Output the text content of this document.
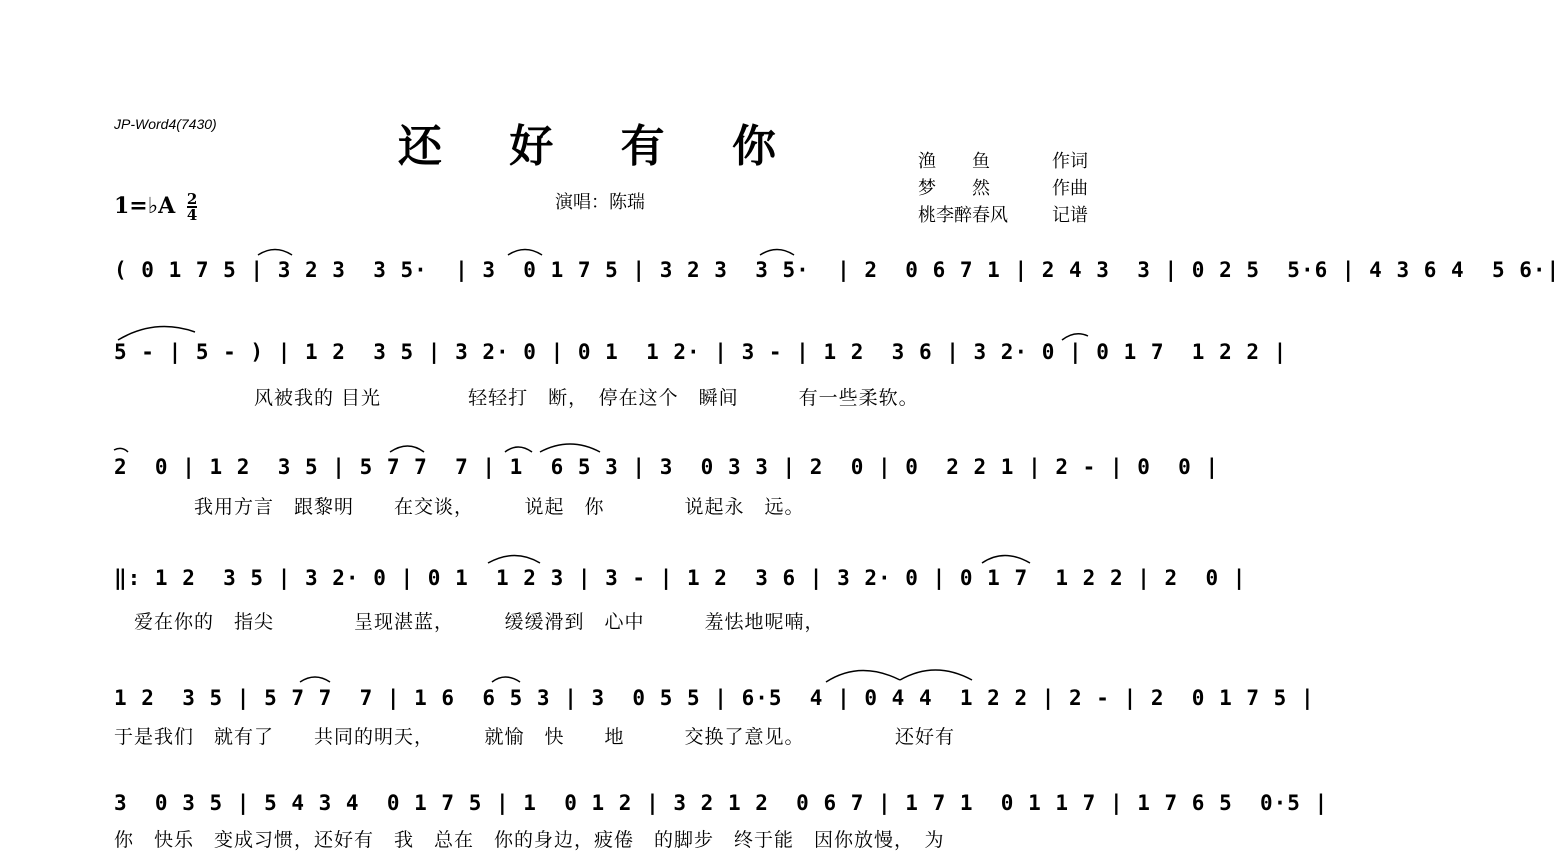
JP-Word4(7430)	还 好 有 你
演唱：陈瑞
1=♭A $\frac{2}{4}$
渔　　鱼	作词
梦　　然	作曲
桃李醉春风 记谱
( 0 1 7 5 | 3 2 3  3 5·  | 3  0 1 7 5 | 3 2 3  3 5·  | 2  0 6 7 1 | 2 4 3  3 | 0 2 5  5·6 | 4 3 6 4  5 6·|
5 - | 5 - ) | 1 2  3 5 | 3 2· 0 | 0 1  1 2· | 3 - | 1 2  3 6 | 3 2· 0 | 0 1 7  1 2 2 |
　　　　　　　风被我的 目光　　　　 轻轻打　断，　停在这个　瞬间　　　有一些柔软。
2  0 | 1 2  3 5 | 5 7 7  7 | 1  6 5 3 | 3  0 3 3 | 2  0 | 0  2 2 1 | 2 - | 0  0 |
　　　　我用方言　跟黎明　　在交谈，　　　说起　你　　　　说起永　远。
‖: 1 2  3 5 | 3 2· 0 | 0 1  1 2 3 | 3 - | 1 2  3 6 | 3 2· 0 | 0 1 7  1 2 2 | 2  0 |
　爱在你的　指尖　　　　呈现湛蓝，　　　缓缓滑到　心中　　　羞怯地呢喃，
1 2  3 5 | 5 7 7  7 | 1 6  6 5 3 | 3  0 5 5 | 6·5  4 | 0 4 4  1 2 2 | 2 - | 2  0 1 7 5 |
于是我们　就有了　　共同的明天，　　　就愉　快　　地　　　交换了意见。　　　　　还好有
3  0 3 5 | 5 4 3 4  0 1 7 5 | 1  0 1 2 | 3 2 1 2  0 6 7 | 1 7 1  0 1 1 7 | 1 7 6 5  0·5 |
你　快乐　变成习惯，还好有　我　总在　你的身边，疲倦　的脚步　终于能　因你放慢，　为
